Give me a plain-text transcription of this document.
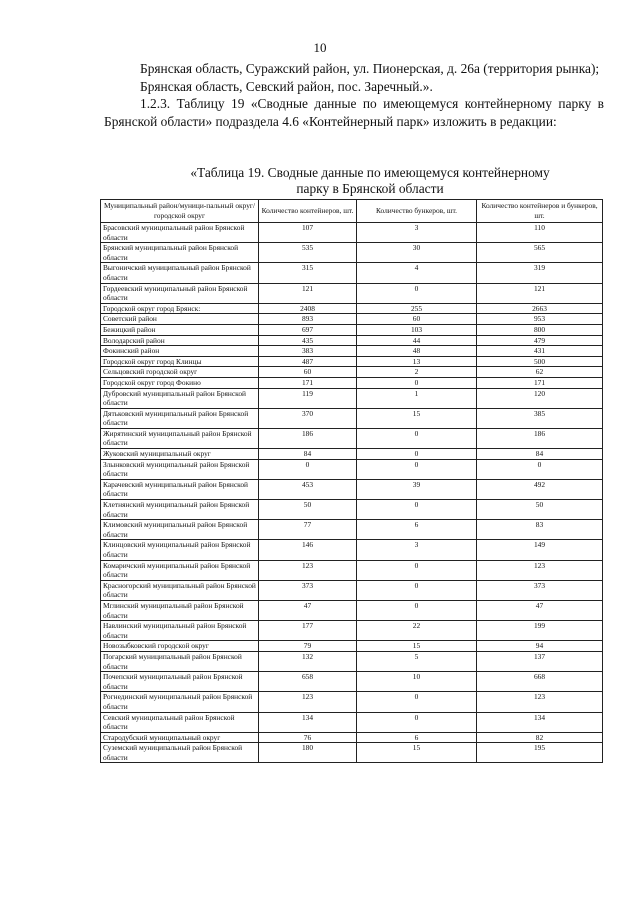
10

Брянская область, Суражский район, ул. Пионерская, д. 26а (территория рынка);

Брянская область, Севский район, пос. Заречный.».

1.2.3. Таблицу 19 «Сводные данные по имеющемуся контейнерному парку в Брянской области» подраздела 4.6 «Контейнерный парк» изложить в редакции:

«Таблица 19. Сводные данные по имеющемуся контейнерному
парку в Брянской области
Муниципальный район/муници-пальный округ/городской округ	Количество контейнеров, шт.	Количество бункеров, шт.	Количество контейнеров и бункеров, шт.
Брасовский муниципальный район Брянской области	107	3	110
Брянский муниципальный район Брянской области	535	30	565
Выгоничский муниципальный район Брянской области	315	4	319
Гордеевский муниципальный район Брянской области	121	0	121
Городской округ город Брянск:	2408	255	2663
Советский район	893	60	953
Бежицкий район	697	103	800
Володарский район	435	44	479
Фокинский район	383	48	431
Городской округ город Клинцы	487	13	500
Сельцовский городской округ	60	2	62
Городской округ город Фокино	171	0	171
Дубровский муниципальный район Брянской области	119	1	120
Дятьковский муниципальный район Брянской области	370	15	385
Жирятинский муниципальный район Брянской области	186	0	186
Жуковский муниципальный округ	84	0	84
Злынковский муниципальный район Брянской области	0	0	0
Карачевский муниципальный район Брянской области	453	39	492
Клетнянский муниципальный район Брянской области	50	0	50
Климовский муниципальный район Брянской области	77	6	83
Клинцовский муниципальный район Брянской области	146	3	149
Комаричский муниципальный район Брянской области	123	0	123
Красногорский муниципальный район Брянской области	373	0	373
Мглинский муниципальный район Брянской области	47	0	47
Навлинский муниципальный район Брянской области	177	22	199
Новозыбковский городской округ	79	15	94
Погарский муниципальный район Брянской области	132	5	137
Почепский муниципальный район Брянской области	658	10	668
Рогнединский муниципальный район Брянской области	123	0	123
Севский муниципальный район Брянской области	134	0	134
Стародубский муниципальный округ	76	6	82
Суземский муниципальный район Брянской области	180	15	195
